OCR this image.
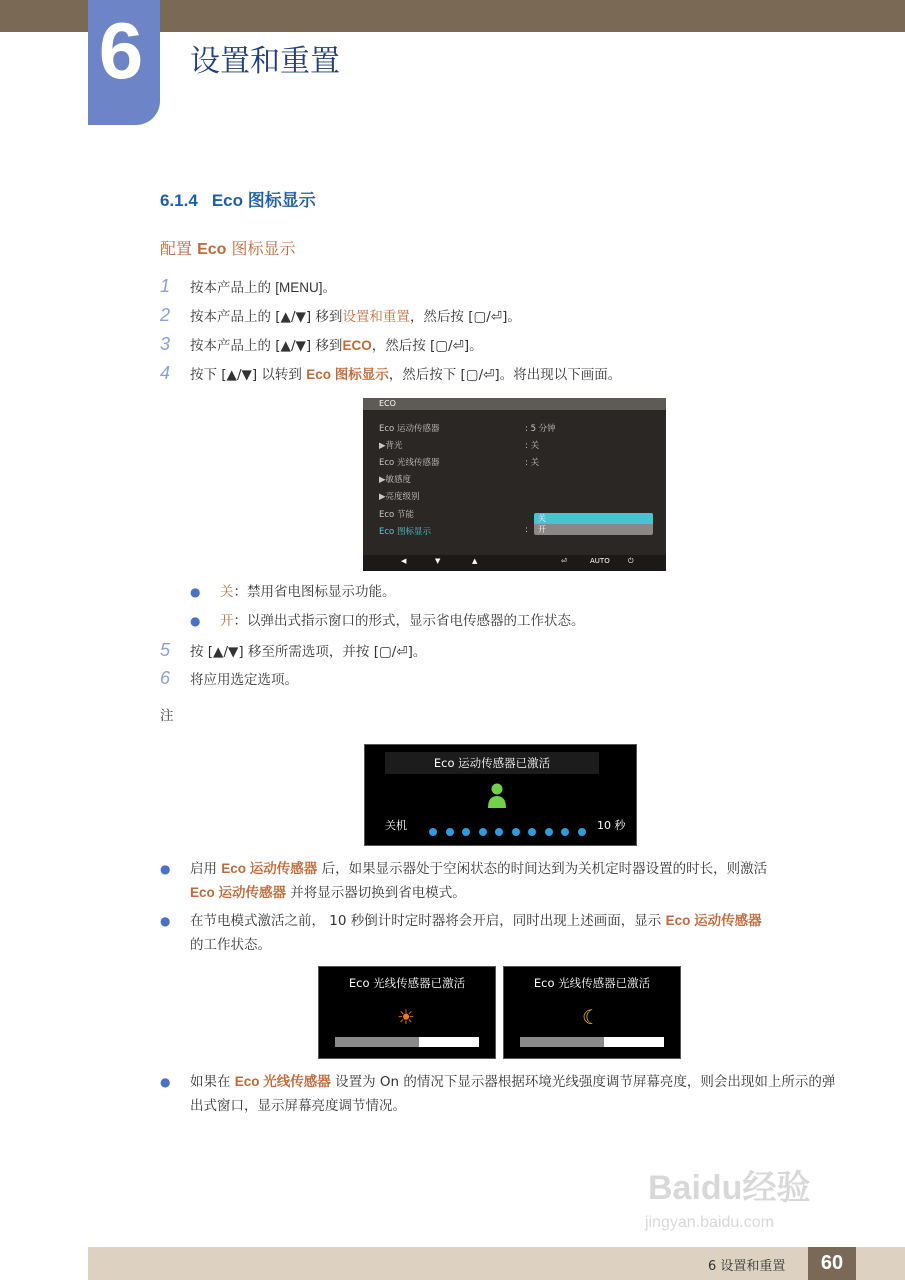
6	设置和重置
6.1.4 Eco 图标显示
配置 Eco 图标显示
1 按本产品上的 [MENU]。
2 按本产品上的 [▲/▼] 移到设置和重置，然后按 [▢/⏎]。
3 按本产品上的 [▲/▼] 移到ECO，然后按 [▢/⏎]。
4 按下 [▲/▼] 以转到 Eco 图标显示，然后按下 [▢/⏎]。将出现以下画面。
ECO
Eco 运动传感器	: 5 分钟
▶背光	: 关
Eco 光线传感器	: 关
▶敏感度
▶亮度级别
Eco 节能
Eco 图标显示	:
关
开
◀	▼	▲	⏎	AUTO	⏻
● 关：禁用省电图标显示功能。
● 开：以弹出式指示窗口的形式，显示省电传感器的工作状态。
5 按 [▲/▼] 移至所需选项，并按 [▢/⏎]。
6 将应用选定选项。
注
Eco 运动传感器已激活
关机	10 秒
● 启用 Eco 运动传感器 后，如果显示器处于空闲状态的时间达到为关机定时器设置的时长，则激活
Eco 运动传感器 并将显示器切换到省电模式。
● 在节电模式激活之前， 10 秒倒计时定时器将会开启，同时出现上述画面，显示 Eco 运动传感器
的工作状态。
Eco 光线传感器已激活
☀
Eco 光线传感器已激活
☾
● 如果在 Eco 光线传感器 设置为 On 的情况下显示器根据环境光线强度调节屏幕亮度，则会出现如上所示的弹出式窗口，显示屏幕亮度调节情况。
Baidu经验
jingyan.baidu.com
6 设置和重置	60
